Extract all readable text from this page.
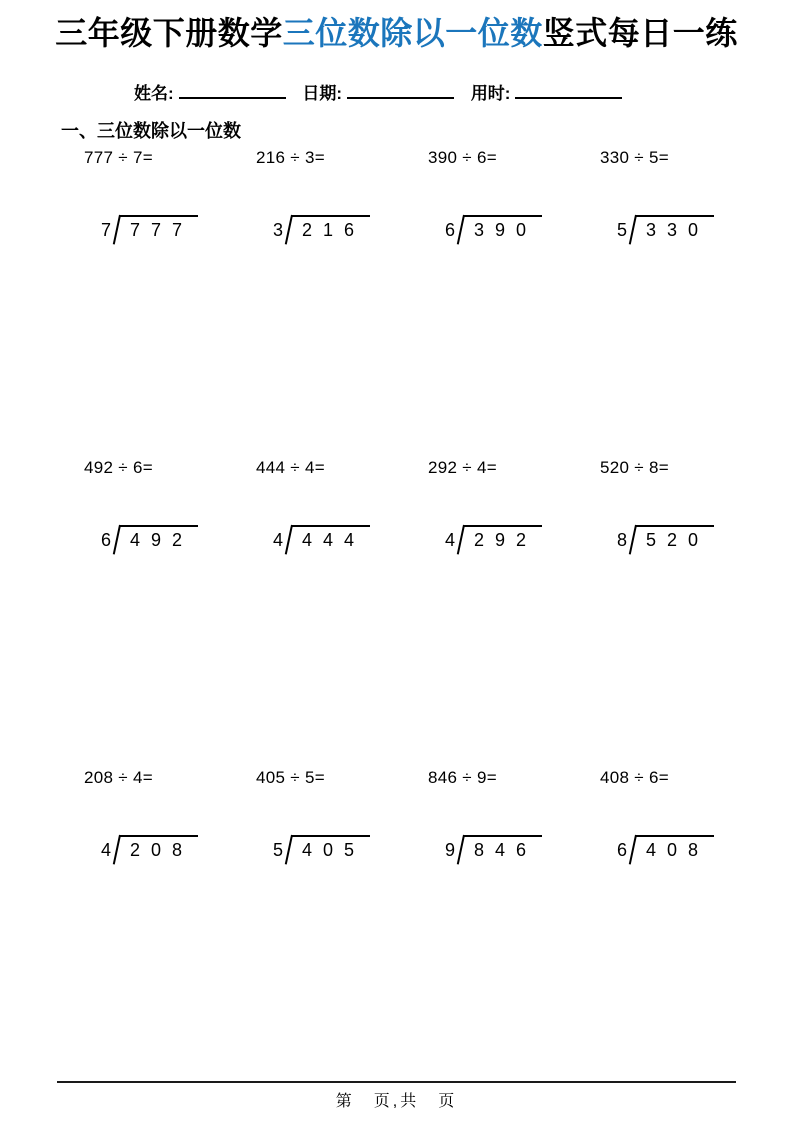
三年级下册数学三位数除以一位数竖式每日一练
姓名:	日期:	用时:
一、三位数除以一位数
777 ÷ 7=
7	777
216 ÷ 3=
3	216
390 ÷ 6=
6	390
330 ÷ 5=
5	330
492 ÷ 6=
6	492
444 ÷ 4=
4	444
292 ÷ 4=
4	292
520 ÷ 8=
8	520
208 ÷ 4=
4	208
405 ÷ 5=
5	405
846 ÷ 9=
9	846
408 ÷ 6=
6	408
第　页,共　页
